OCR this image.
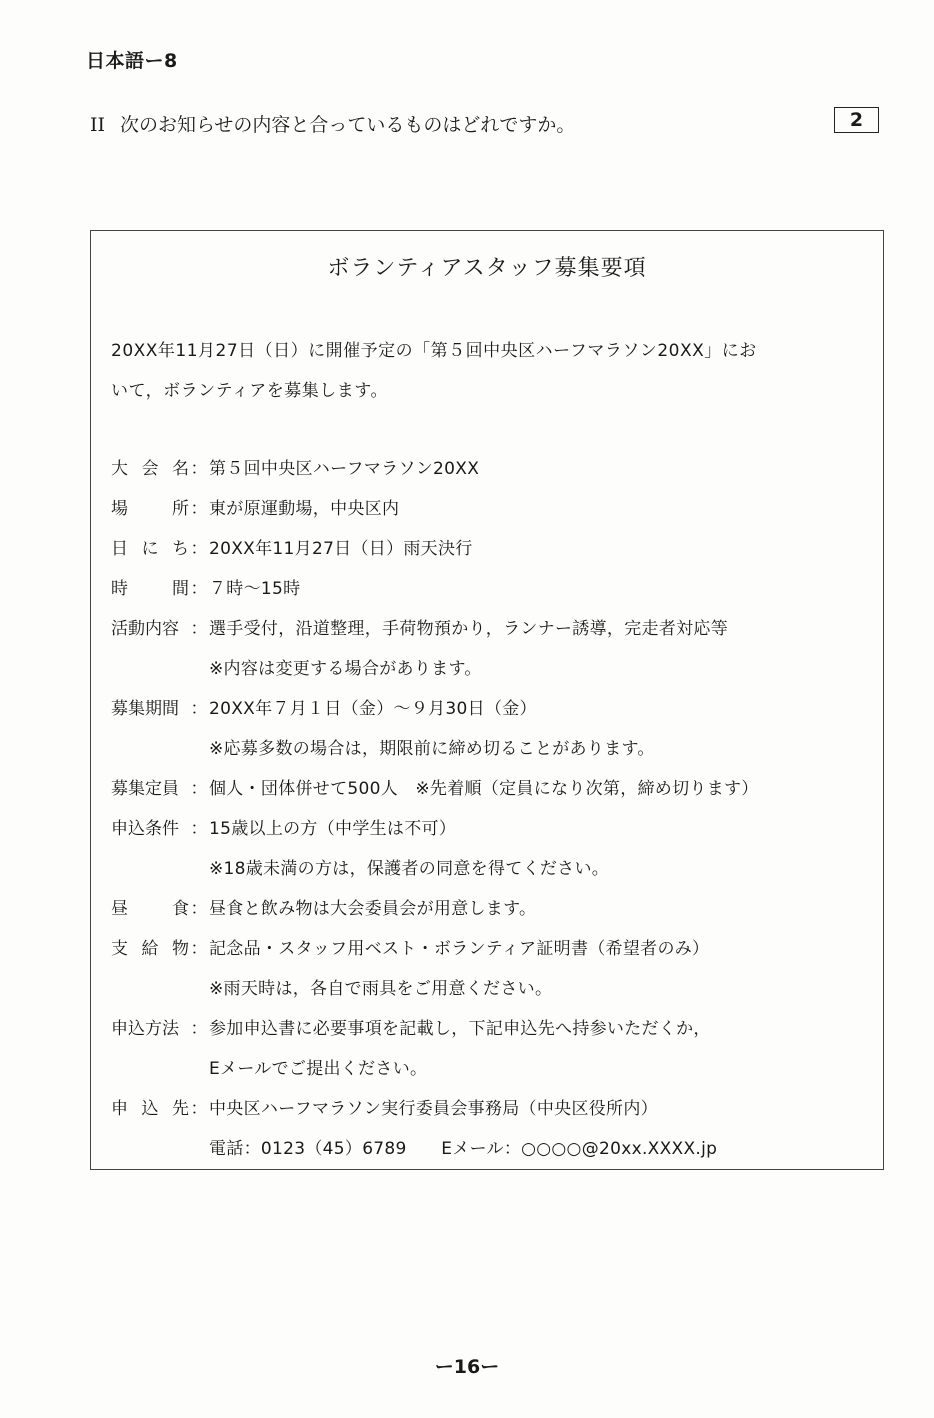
日本語ー8
II 次のお知らせの内容と合っているものはどれですか。	2
ボランティアスタッフ募集要項
20XX年11月27日（日）に開催予定の「第５回中央区ハーフマラソン20XX」にお
いて，ボランティアを募集します。
大 会 名 ： 第５回中央区ハーフマラソン20XX
場	所 ： 東が原運動場，中央区内
日 に ち ： 20XX年11月27日（日）雨天決行
時	間 ： ７時～15時
活動内容 ： 選手受付，沿道整理，手荷物預かり，ランナー誘導，完走者対応等
※内容は変更する場合があります。
募集期間 ： 20XX年７月１日（金）～９月30日（金）
※応募多数の場合は，期限前に締め切ることがあります。
募集定員 ： 個人・団体併せて500人　※先着順（定員になり次第，締め切ります）
申込条件 ： 15歳以上の方（中学生は不可）
※18歳未満の方は，保護者の同意を得てください。
昼	食 ： 昼食と飲み物は大会委員会が用意します。
支 給 物 ： 記念品・スタッフ用ベスト・ボランティア証明書（希望者のみ）
※雨天時は，各自で雨具をご用意ください。
申込方法 ： 参加申込書に必要事項を記載し，下記申込先へ持参いただくか，
Eメールでご提出ください。
申 込 先 ： 中央区ハーフマラソン実行委員会事務局（中央区役所内）
電話：0123（45）6789　　Eメール：○○○○@20xx.XXXX.jp
ー16ー
